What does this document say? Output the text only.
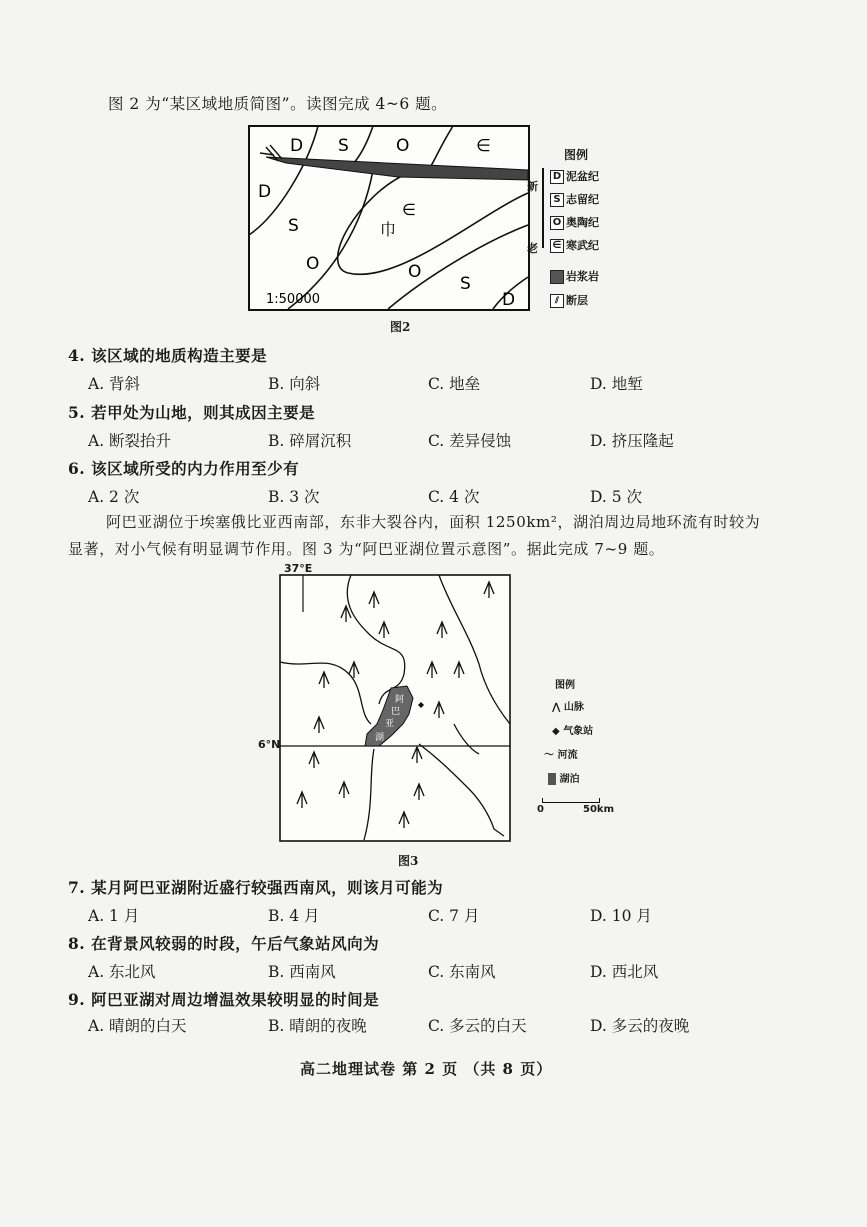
图 2 为“某区域地质简图”。读图完成 4~6 题。
D S	O	∈
D
S	巾
∈
O	O
S
D
1:50000
图例
新
老
D 泥盆纪
S 志留纪
O 奥陶纪
∈ 寒武纪
岩浆岩
⫽ 断层
图2
4. 该区域的地质构造主要是
A. 背斜	B. 向斜	C. 地垒	D. 地堑
5. 若甲处为山地，则其成因主要是
A. 断裂抬升	B. 碎屑沉积	C. 差异侵蚀	D. 挤压隆起
6. 该区域所受的内力作用至少有
A. 2 次	B. 3 次	C. 4 次	D. 5 次
阿巴亚湖位于埃塞俄比亚西南部，东非大裂谷内，面积 1250km²，湖泊周边局地环流有时较为
显著，对小气候有明显调节作用。图 3 为“阿巴亚湖位置示意图”。据此完成 7~9 题。
37°E
6°N
阿
巴
亚
湖
图例
⋀ 山脉
◆ 气象站
〜 河流
湖泊
0	50km
图3
7. 某月阿巴亚湖附近盛行较强西南风，则该月可能为
A. 1 月	B. 4 月	C. 7 月	D. 10 月
8. 在背景风较弱的时段，午后气象站风向为
A. 东北风	B. 西南风	C. 东南风	D. 西北风
9. 阿巴亚湖对周边增温效果较明显的时间是
A. 晴朗的白天	B. 晴朗的夜晚	C. 多云的白天	D. 多云的夜晚
高二地理试卷 第 2 页 （共 8 页）
